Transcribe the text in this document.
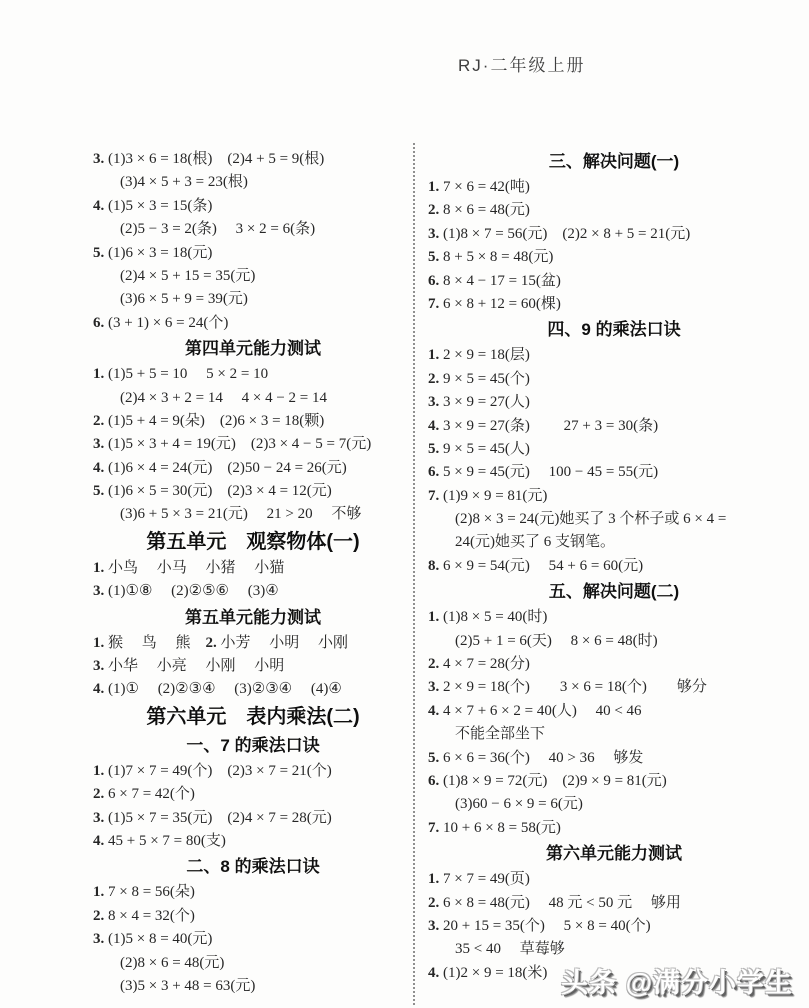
RJ·二年级上册
3. (1)3 × 6 = 18(根)　(2)4 + 5 = 9(根)
(3)4 × 5 + 3 = 23(根)
4. (1)5 × 3 = 15(条)
(2)5 − 3 = 2(条)　 3 × 2 = 6(条)
5. (1)6 × 3 = 18(元)
(2)4 × 5 + 15 = 35(元)
(3)6 × 5 + 9 = 39(元)
6. (3 + 1) × 6 = 24(个)
第四单元能力测试
1. (1)5 + 5 = 10　 5 × 2 = 10
(2)4 × 3 + 2 = 14　 4 × 4 − 2 = 14
2. (1)5 + 4 = 9(朵)　(2)6 × 3 = 18(颗)
3. (1)5 × 3 + 4 = 19(元)　(2)3 × 4 − 5 = 7(元)
4. (1)6 × 4 = 24(元)　(2)50 − 24 = 26(元)
5. (1)6 × 5 = 30(元)　(2)3 × 4 = 12(元)
(3)6 + 5 × 3 = 21(元)　 21 > 20　 不够
第五单元　观察物体(一)
1. 小鸟　 小马　 小猪　 小猫
3. (1)①⑧　 (2)②⑤⑥　 (3)④
第五单元能力测试
1. 猴　 鸟　 熊　2. 小芳　 小明　 小刚
3. 小华　 小亮　 小刚　 小明
4. (1)①　 (2)②③④　 (3)②③④　 (4)④
第六单元　表内乘法(二)
一、7 的乘法口诀
1. (1)7 × 7 = 49(个)　(2)3 × 7 = 21(个)
2. 6 × 7 = 42(个)
3. (1)5 × 7 = 35(元)　(2)4 × 7 = 28(元)
4. 45 + 5 × 7 = 80(支)
二、8 的乘法口诀
1. 7 × 8 = 56(朵)
2. 8 × 4 = 32(个)
3. (1)5 × 8 = 40(元)
(2)8 × 6 = 48(元)
(3)5 × 3 + 48 = 63(元)
三、解决问题(一)
1. 7 × 6 = 42(吨)
2. 8 × 6 = 48(元)
3. (1)8 × 7 = 56(元)　(2)2 × 8 + 5 = 21(元)
5. 8 + 5 × 8 = 48(元)
6. 8 × 4 − 17 = 15(盆)
7. 6 × 8 + 12 = 60(棵)
四、9 的乘法口诀
1. 2 × 9 = 18(层)
2. 9 × 5 = 45(个)
3. 3 × 9 = 27(人)
4. 3 × 9 = 27(条)　　 27 + 3 = 30(条)
5. 9 × 5 = 45(人)
6. 5 × 9 = 45(元)　 100 − 45 = 55(元)
7. (1)9 × 9 = 81(元)
(2)8 × 3 = 24(元)她买了 3 个杯子或 6 × 4 =
24(元)她买了 6 支钢笔。
8. 6 × 9 = 54(元)　 54 + 6 = 60(元)
五、解决问题(二)
1. (1)8 × 5 = 40(时)
(2)5 + 1 = 6(天)　 8 × 6 = 48(时)
2. 4 × 7 = 28(分)
3. 2 × 9 = 18(个)　　3 × 6 = 18(个)　　够分
4. 4 × 7 + 6 × 2 = 40(人)　 40 < 46
不能全部坐下
5. 6 × 6 = 36(个)　 40 > 36　 够发
6. (1)8 × 9 = 72(元)　(2)9 × 9 = 81(元)
(3)60 − 6 × 9 = 6(元)
7. 10 + 6 × 8 = 58(元)
第六单元能力测试
1. 7 × 7 = 49(页)
2. 6 × 8 = 48(元)　 48 元 < 50 元　 够用
3. 20 + 15 = 35(个)　 5 × 8 = 40(个)
35 < 40　 草莓够
4. (1)2 × 9 = 18(米) 头条 @满分小学生
